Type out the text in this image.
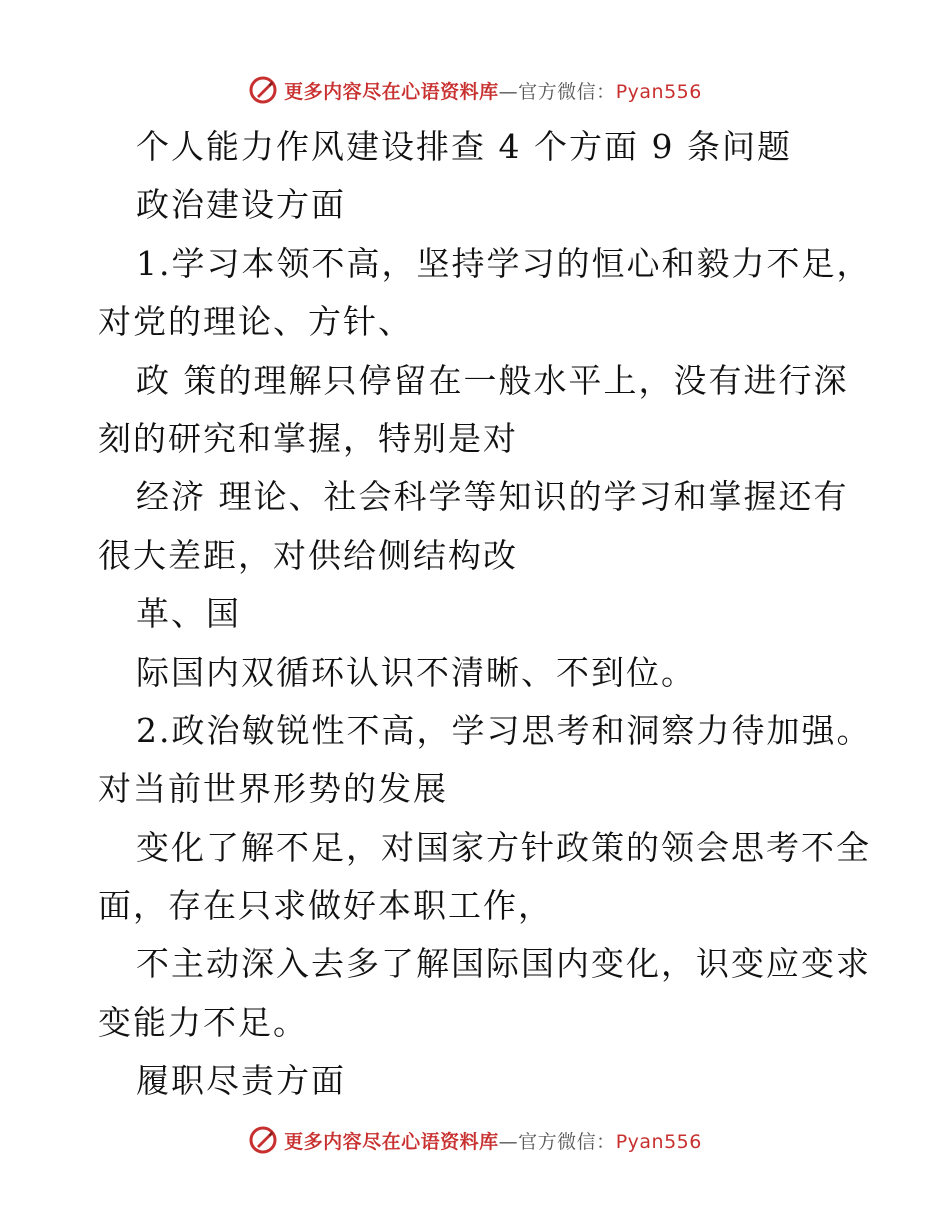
更多内容尽在心语资料库—官方微信：Pyan556
个人能力作风建设排查 4 个方面 9 条问题
政治建设方面
1.学习本领不高，坚持学习的恒心和毅力不足，
对党的理论、方针、
政 策的理解只停留在一般水平上，没有进行深
刻的研究和掌握，特别是对
经济 理论、社会科学等知识的学习和掌握还有
很大差距，对供给侧结构改
革、国
际国内双循环认识不清晰、不到位。
2.政治敏锐性不高，学习思考和洞察力待加强。
对当前世界形势的发展
变化了解不足，对国家方针政策的领会思考不全
面，存在只求做好本职工作，
不主动深入去多了解国际国内变化，识变应变求
变能力不足。
履职尽责方面
更多内容尽在心语资料库—官方微信：Pyan556
